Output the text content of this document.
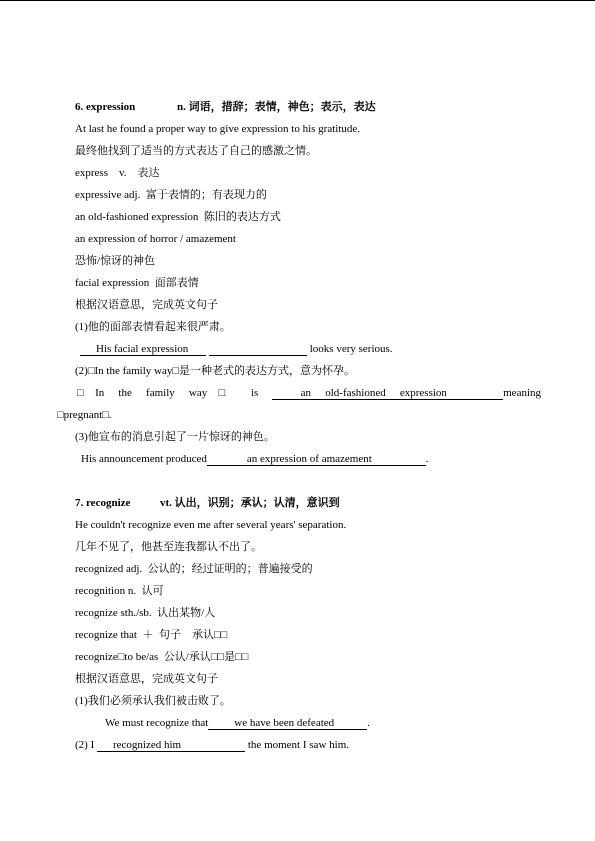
6. expression	n. 词语，措辞；表情，神色；表示，表达
At last he found a proper way to give expression to his gratitude.
最终他找到了适当的方式表达了自己的感激之情。
express    v.    表达
expressive adj.  富于表情的；有表现力的
an old-fashioned expression  陈旧的表达方式
an expression of horror / amazement
恐怖/惊讶的神色
facial expression  面部表情
根据汉语意思，完成英文句子
(1)他的面部表情看起来很严肃。
His facial expression	looks very serious.
(2)□In the family way□是一种老式的表达方式，意为怀孕。
□In the family way□ is	an old-fashioned expression	meaning
□pregnant□.
(3)他宣布的消息引起了一片惊讶的神色。
His announcement produced	an expression of amazement	.
7. recognize	vt. 认出，识别；承认；认清，意识到
He couldn't recognize even me after several years' separation.
几年不见了，他甚至连我都认不出了。
recognized adj.  公认的；经过证明的；普遍接受的
recognition n.  认可
recognize sth./sb.  认出某物/人
recognize that  ＋  句子    承认□□
recognize□to be/as  公认/承认□□是□□
根据汉语意思，完成英文句子
(1)我们必须承认我们被击败了。
We must recognize that we have been defeated	.
(2) I recognized him	the moment I saw him.
